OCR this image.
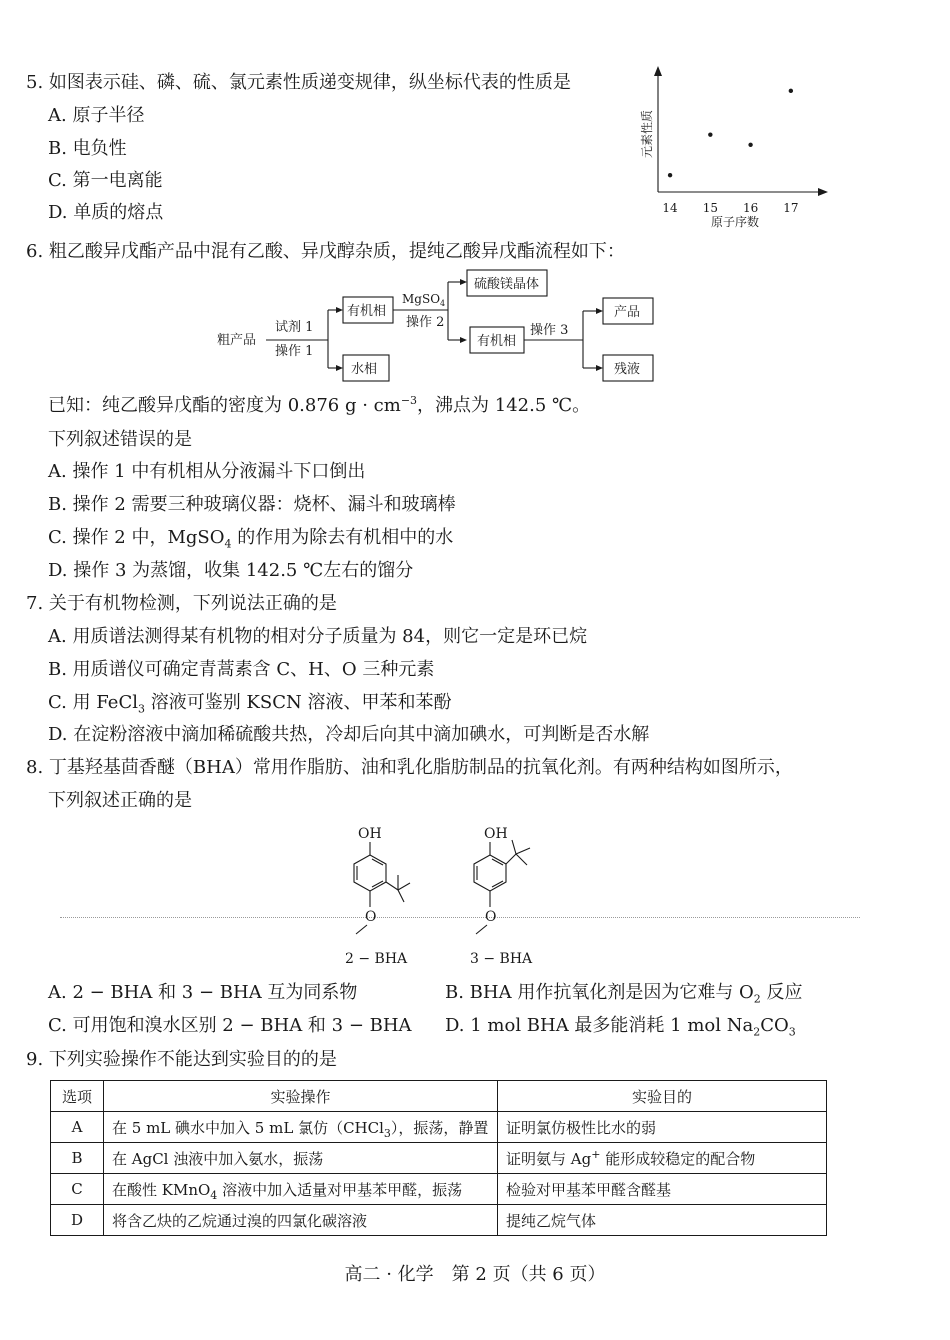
5. 如图表示硅、磷、硫、氯元素性质递变规律，纵坐标代表的性质是
A. 原子半径
B. 电负性
C. 第一电离能
D. 单质的熔点
元素性质
14 15 16 17
原子序数
6. 粗乙酸异戊酯产品中混有乙酸、异戊醇杂质，提纯乙酸异戊酯流程如下：
粗产品
试剂 1
操作 1
有机相
水相
MgSO$_4$
操作 2
硫酸镁晶体
有机相
操作 3
产品
残液
已知：纯乙酸异戊酯的密度为 0.876 $g \cdot cm^{-3}$，沸点为 142.5 ℃。
下列叙述错误的是
A. 操作 1 中有机相从分液漏斗下口倒出
B. 操作 2 需要三种玻璃仪器：烧杯、漏斗和玻璃棒
C. 操作 2 中，MgSO$_4$ 的作用为除去有机相中的水
D. 操作 3 为蒸馏，收集 142.5 ℃左右的馏分
7. 关于有机物检测，下列说法正确的是
A. 用质谱法测得某有机物的相对分子质量为 84，则它一定是环已烷
B. 用质谱仪可确定青蒿素含 C、H、O 三种元素
C. 用 FeCl$_3$ 溶液可鉴别 KSCN 溶液、甲苯和苯酚
D. 在淀粉溶液中滴加稀硫酸共热，冷却后向其中滴加碘水，可判断是否水解
8. 丁基羟基茴香醚（BHA）常用作脂肪、油和乳化脂肪制品的抗氧化剂。有两种结构如图所示，
下列叙述正确的是
OH
O
2 − BHA
OH
O
3 − BHA
A. 2 − BHA 和 3 − BHA 互为同系物	B. BHA 用作抗氧化剂是因为它难与 $O_2$ 反应
C. 可用饱和溴水区别 2 − BHA 和 3 − BHA D. 1 mol BHA 最多能消耗 1 mol $Na_2CO_3$
9. 下列实验操作不能达到实验目的的是
选项	实验操作	实验目的
A	在 5 mL 碘水中加入 5 mL 氯仿（CHCl$_3$），振荡，静置	证明氯仿极性比水的弱
B	在 AgCl 浊液中加入氨水，振荡	证明氨与 Ag+ 能形成较稳定的配合物
C	在酸性 KMnO$_4$ 溶液中加入适量对甲基苯甲醛，振荡	检验对甲基苯甲醛含醛基
D	将含乙炔的乙烷通过溴的四氯化碳溶液	提纯乙烷气体
高二 · 化学　第 2 页（共 6 页）
